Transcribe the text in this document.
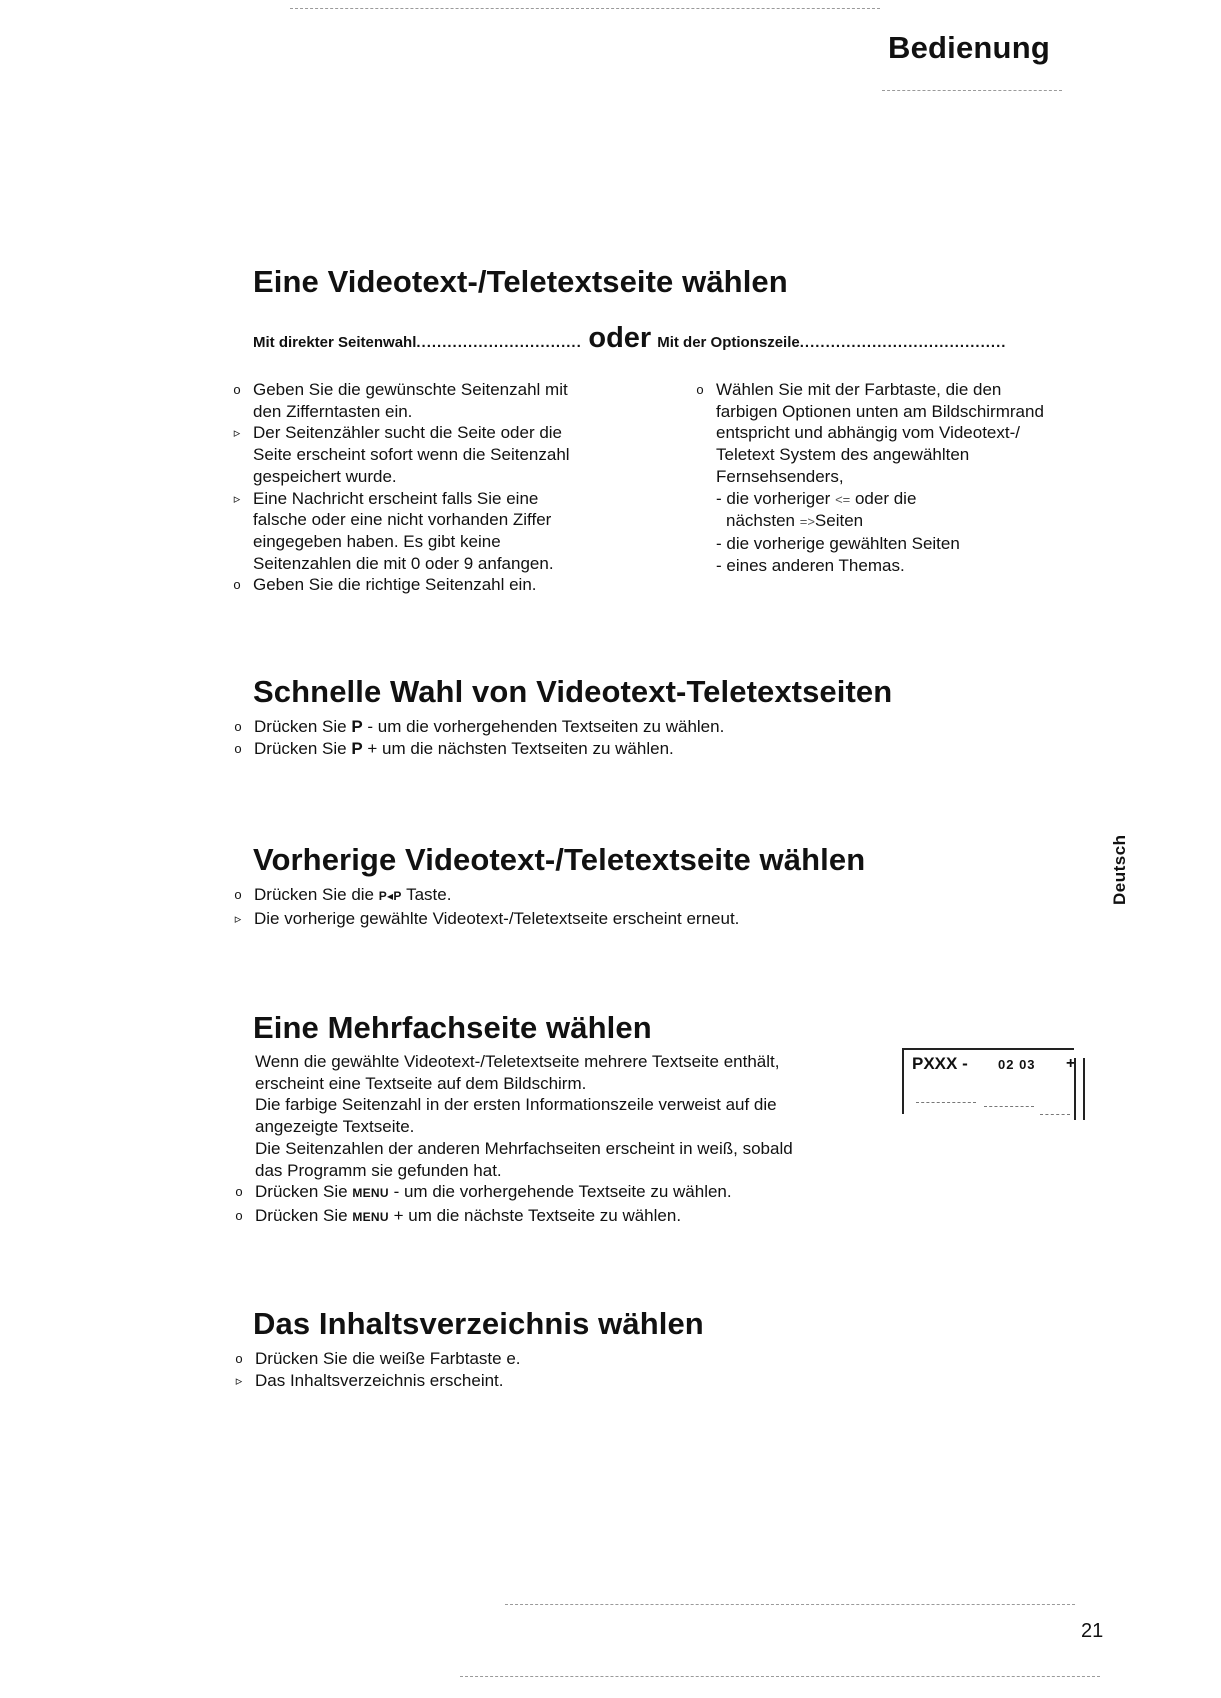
Bedienung
Deutsch
Eine Videotext-/Teletextseite wählen
Mit direkter Seitenwahl ................................ oder Mit der Optionszeile ........................................
o Geben Sie die gewünschte Seitenzahl mit
den Zifferntasten ein.
▹ Der Seitenzähler sucht die Seite oder die
Seite erscheint sofort wenn die Seitenzahl
gespeichert wurde.
▹ Eine Nachricht erscheint falls Sie eine
falsche oder eine nicht vorhanden Ziffer
eingegeben haben. Es gibt keine
Seitenzahlen die mit 0 oder 9 anfangen.
o Geben Sie die richtige Seitenzahl ein.
o Wählen Sie mit der Farbtaste, die den
farbigen Optionen unten am Bildschirmrand
entspricht und abhängig vom Videotext-/
Teletext System des angewählten
Fernsehsenders,
- die vorheriger <= oder die
nächsten =>Seiten
- die vorherige gewählten Seiten
- eines anderen Themas.
Schnelle Wahl von Videotext-Teletextseiten
o Drücken Sie P - um die vorhergehenden Textseiten zu wählen.
o Drücken Sie P + um die nächsten Textseiten zu wählen.
Vorherige Videotext-/Teletextseite wählen
o Drücken Sie die P◂P Taste.
▹ Die vorherige gewählte Videotext-/Teletextseite erscheint erneut.
Eine Mehrfachseite wählen
Wenn die gewählte Videotext-/Teletextseite mehrere Textseite enthält,
erscheint eine Textseite auf dem Bildschirm.
Die farbige Seitenzahl in der ersten Informationszeile verweist auf die
angezeigte Textseite.
Die Seitenzahlen der anderen Mehrfachseiten erscheint in weiß, sobald
das Programm sie gefunden hat.
o Drücken Sie MENU - um die vorhergehende Textseite zu wählen.
o Drücken Sie MENU + um die nächste Textseite zu wählen.
PXXX - 02 03 +
Das Inhaltsverzeichnis wählen
o Drücken Sie die weiße Farbtaste e.
▹ Das Inhaltsverzeichnis erscheint.
21
